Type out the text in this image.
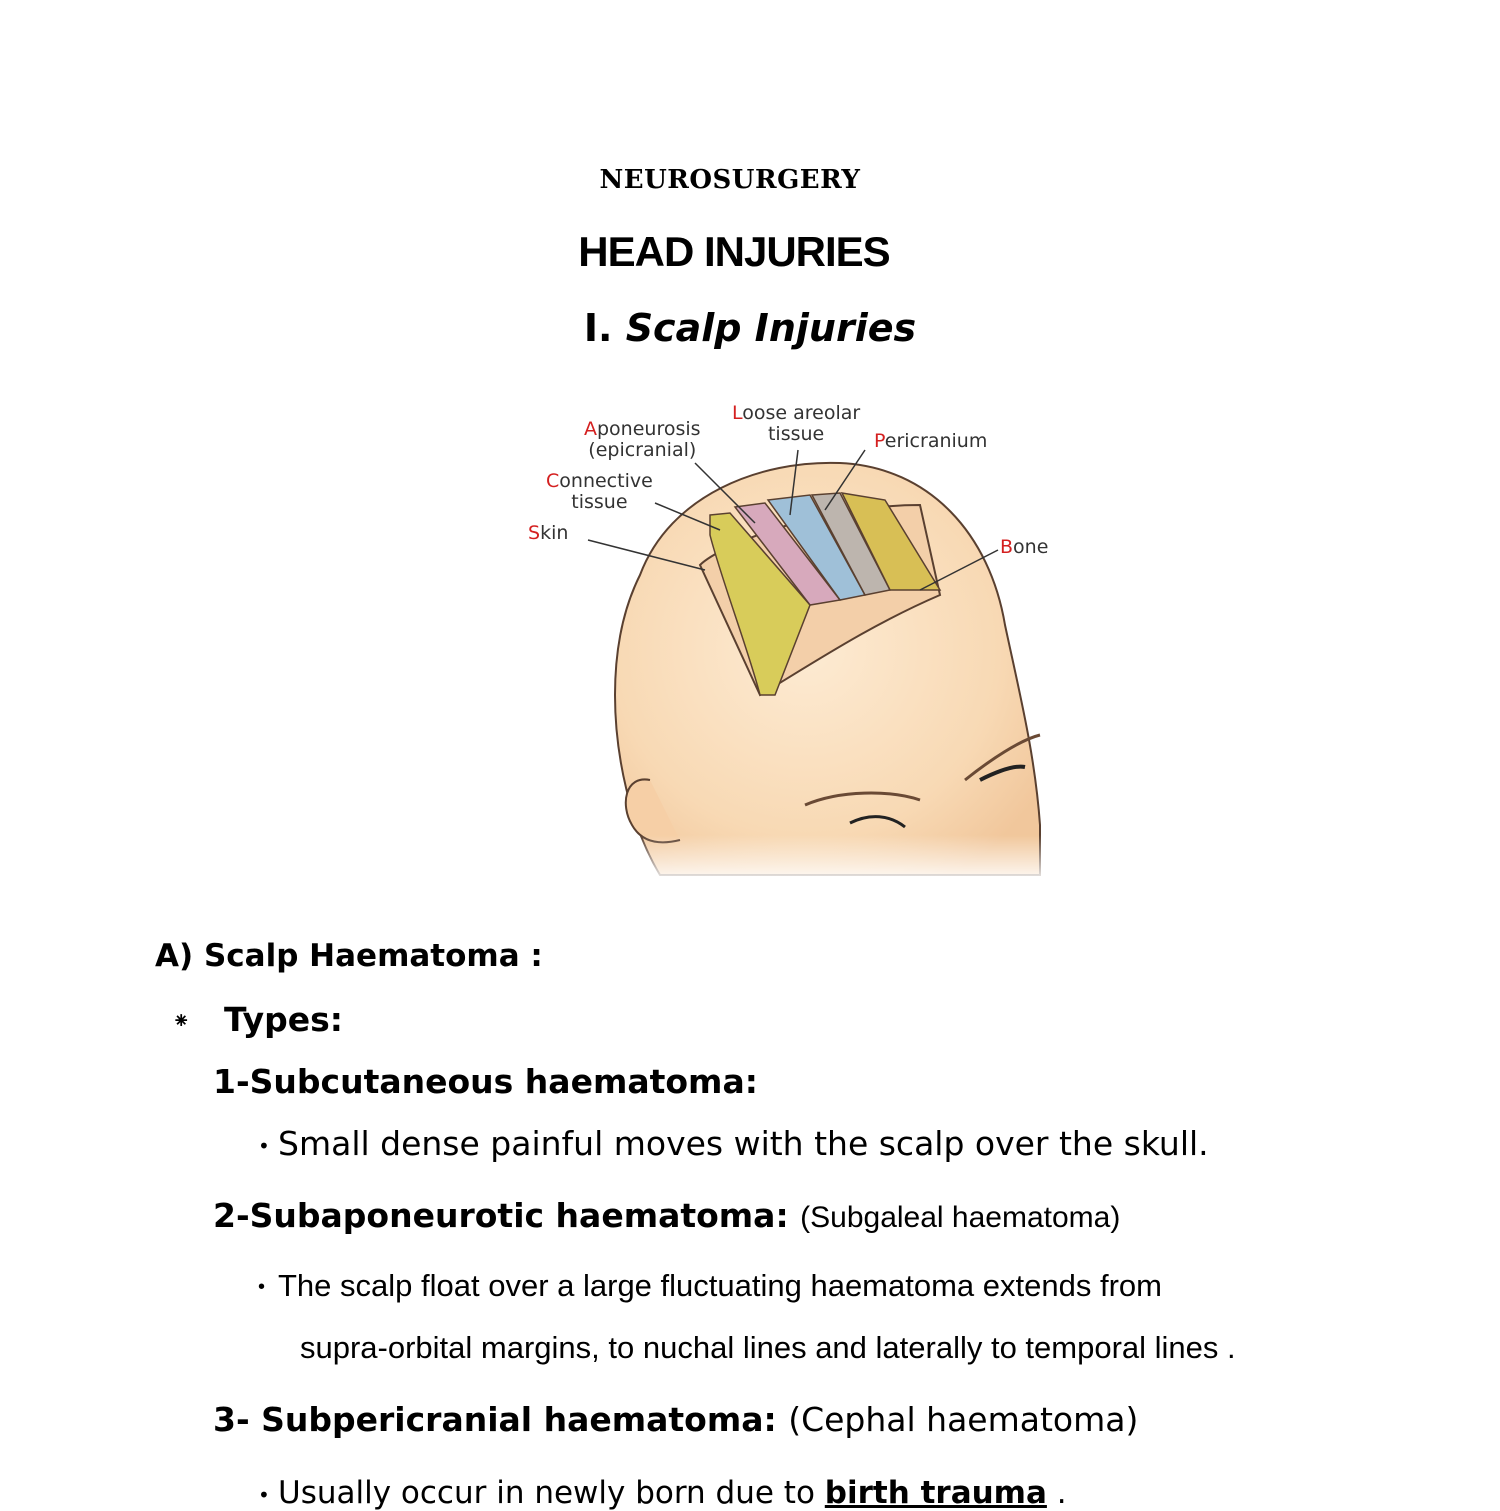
NEUROSURGERY
HEAD INJURIES
I. Scalp Injuries
Skin
Connective
tissue
Aponeurosis
(epicranial)
Loose areolar
tissue	Pericranium
Bone
A) Scalp Haematoma :
⁕ Types:
1-Subcutaneous haematoma:
• Small dense painful moves with the scalp over the skull.
2-Subaponeurotic haematoma: (Subgaleal haematoma)
• The scalp float over a large fluctuating haematoma extends from
supra-orbital margins, to nuchal lines and laterally to temporal lines .
3- Subpericranial haematoma: (Cephal haematoma)
• Usually occur in newly born due to birth trauma .
